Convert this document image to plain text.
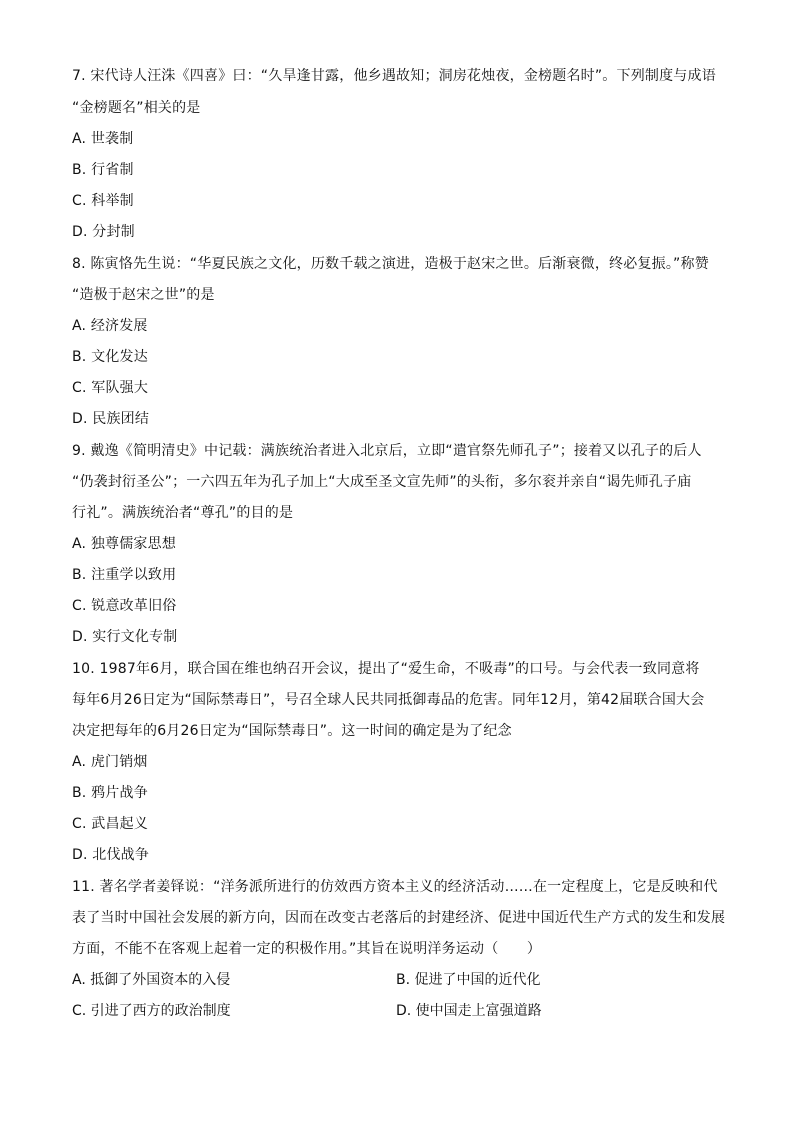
7. 宋代诗人汪洙《四喜》曰：“久旱逢甘露，他乡遇故知；洞房花烛夜，金榜题名时”。下列制度与成语
“金榜题名”相关的是
A. 世袭制
B. 行省制
C. 科举制
D. 分封制
8. 陈寅恪先生说：“华夏民族之文化，历数千载之演进，造极于赵宋之世。后渐衰微，终必复振。”称赞
“造极于赵宋之世”的是
A. 经济发展
B. 文化发达
C. 军队强大
D. 民族团结
9. 戴逸《简明清史》中记载：满族统治者进入北京后，立即“遣官祭先师孔子”；接着又以孔子的后人
“仍袭封衍圣公”；一六四五年为孔子加上“大成至圣文宣先师”的头衔，多尔衮并亲自“谒先师孔子庙
行礼”。满族统治者“尊孔”的目的是
A. 独尊儒家思想
B. 注重学以致用
C. 锐意改革旧俗
D. 实行文化专制
10. 1987年6月，联合国在维也纳召开会议，提出了“爱生命，不吸毒”的口号。与会代表一致同意将
每年6月26日定为“国际禁毒日”，号召全球人民共同抵御毒品的危害。同年12月，第42届联合国大会
决定把每年的6月26日定为“国际禁毒日”。这一时间的确定是为了纪念
A. 虎门销烟
B. 鸦片战争
C. 武昌起义
D. 北伐战争
11. 著名学者姜铎说：“洋务派所进行的仿效西方资本主义的经济活动……在一定程度上，它是反映和代
表了当时中国社会发展的新方向，因而在改变古老落后的封建经济、促进中国近代生产方式的发生和发展
方面，不能不在客观上起着一定的积极作用。”其旨在说明洋务运动（　　）
A. 抵御了外国资本的入侵	B. 促进了中国的近代化
C. 引进了西方的政治制度	D. 使中国走上富强道路
